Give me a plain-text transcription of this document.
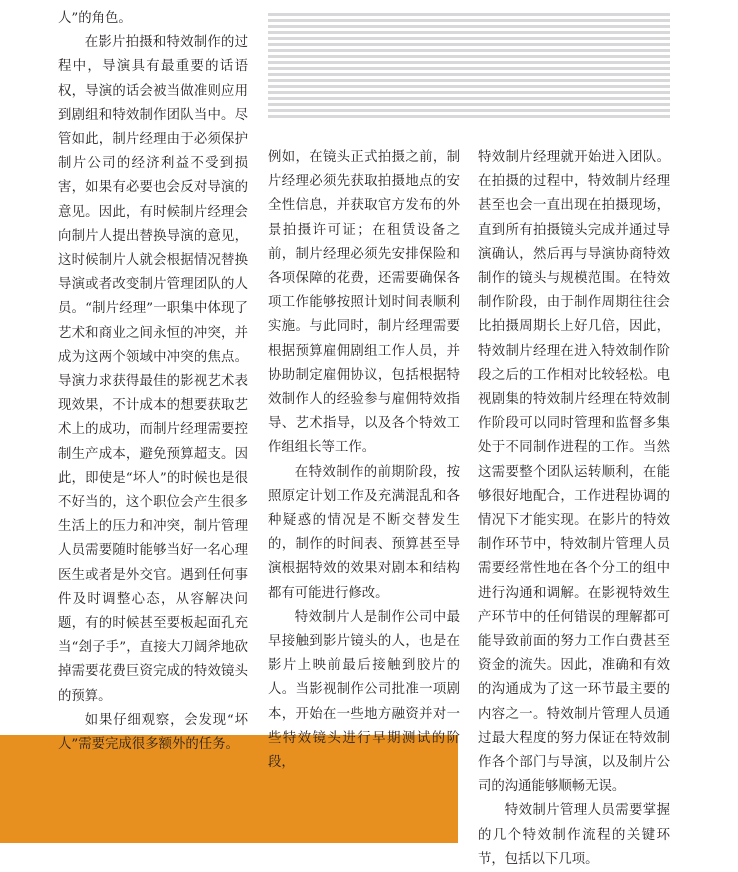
人”的角色。

在影片拍摄和特效制作的过程中，导演具有最重要的话语权，导演的话会被当做准则应用到剧组和特效制作团队当中。尽管如此，制片经理由于必须保护制片公司的经济利益不受到损害，如果有必要也会反对导演的意见。因此，有时候制片经理会向制片人提出替换导演的意见，这时候制片人就会根据情况替换导演或者改变制片管理团队的人员。“制片经理”一职集中体现了艺术和商业之间永恒的冲突，并成为这两个领域中冲突的焦点。导演力求获得最佳的影视艺术表现效果，不计成本的想要获取艺术上的成功，而制片经理需要控制生产成本，避免预算超支。因此，即使是“坏人”的时候也是很不好当的，这个职位会产生很多生活上的压力和冲突，制片管理人员需要随时能够当好一名心理医生或者是外交官。遇到任何事件及时调整心态，从容解决问题，有的时候甚至要板起面孔充当“刽子手”，直接大刀阔斧地砍掉需要花费巨资完成的特效镜头的预算。

如果仔细观察，会发现“坏人”需要完成很多额外的任务。

例如，在镜头正式拍摄之前，制片经理必须先获取拍摄地点的安全性信息，并获取官方发布的外景拍摄许可证；在租赁设备之前，制片经理必须先安排保险和各项保障的花费，还需要确保各项工作能够按照计划时间表顺利实施。与此同时，制片经理需要根据预算雇佣剧组工作人员，并协助制定雇佣协议，包括根据特效制作人的经验参与雇佣特效指导、艺术指导，以及各个特效工作组组长等工作。

在特效制作的前期阶段，按照原定计划工作及充满混乱和各种疑惑的情况是不断交替发生的，制作的时间表、预算甚至导演根据特效的效果对剧本和结构都有可能进行修改。

特效制片人是制作公司中最早接触到影片镜头的人，也是在影片上映前最后接触到胶片的人。当影视制作公司批准一项剧本，开始在一些地方融资并对一些特效镜头进行早期测试的阶段，

特效制片经理就开始进入团队。在拍摄的过程中，特效制片经理甚至也会一直出现在拍摄现场，直到所有拍摄镜头完成并通过导演确认，然后再与导演协商特效制作的镜头与规模范围。在特效制作阶段，由于制作周期往往会比拍摄周期长上好几倍，因此，特效制片经理在进入特效制作阶段之后的工作相对比较轻松。电视剧集的特效制片经理在特效制作阶段可以同时管理和监督多集处于不同制作进程的工作。当然这需要整个团队运转顺利，在能够很好地配合，工作进程协调的情况下才能实现。在影片的特效制作环节中，特效制片管理人员需要经常性地在各个分工的组中进行沟通和调解。在影视特效生产环节中的任何错误的理解都可能导致前面的努力工作白费甚至资金的流失。因此，准确和有效的沟通成为了这一环节最主要的内容之一。特效制片管理人员通过最大程度的努力保证在特效制作各个部门与导演，以及制片公司的沟通能够顺畅无误。

特效制片管理人员需要掌握的几个特效制作流程的关键环节，包括以下几项。
